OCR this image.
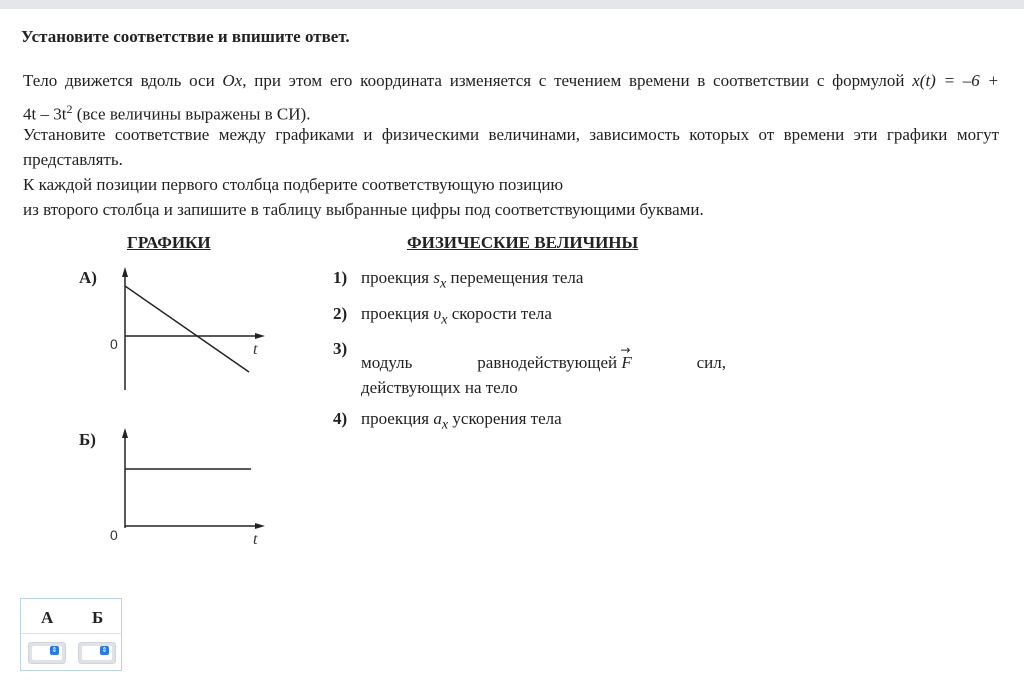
Установите соответствие и впишите ответ.
Тело движется вдоль оси Ox, при этом его координата изменяется с течением времени в соответствии с формулой x(t) = –6 +
$4t - 3t^2$ (все величины выражены в СИ).
Установите соответствие между графиками и физическими величинами, зависимость которых от времени эти графики могут представлять.
К каждой позиции первого столбца подберите соответствующую позицию
из второго столбца и запишите в таблицу выбранные цифры под соответствующими буквами.
ГРАФИКИ	ФИЗИЧЕСКИЕ ВЕЛИЧИНЫ
А)
0	t
Б)
0	t
1) проекция $s_x$ перемещения тела
2) проекция $\upsilon_x$ скорости тела
3)
модуль	равнодействующей
→
F	сил,
действующих на тело
4) проекция $a_x$ ускорения тела
А Б
⇕	⇕
